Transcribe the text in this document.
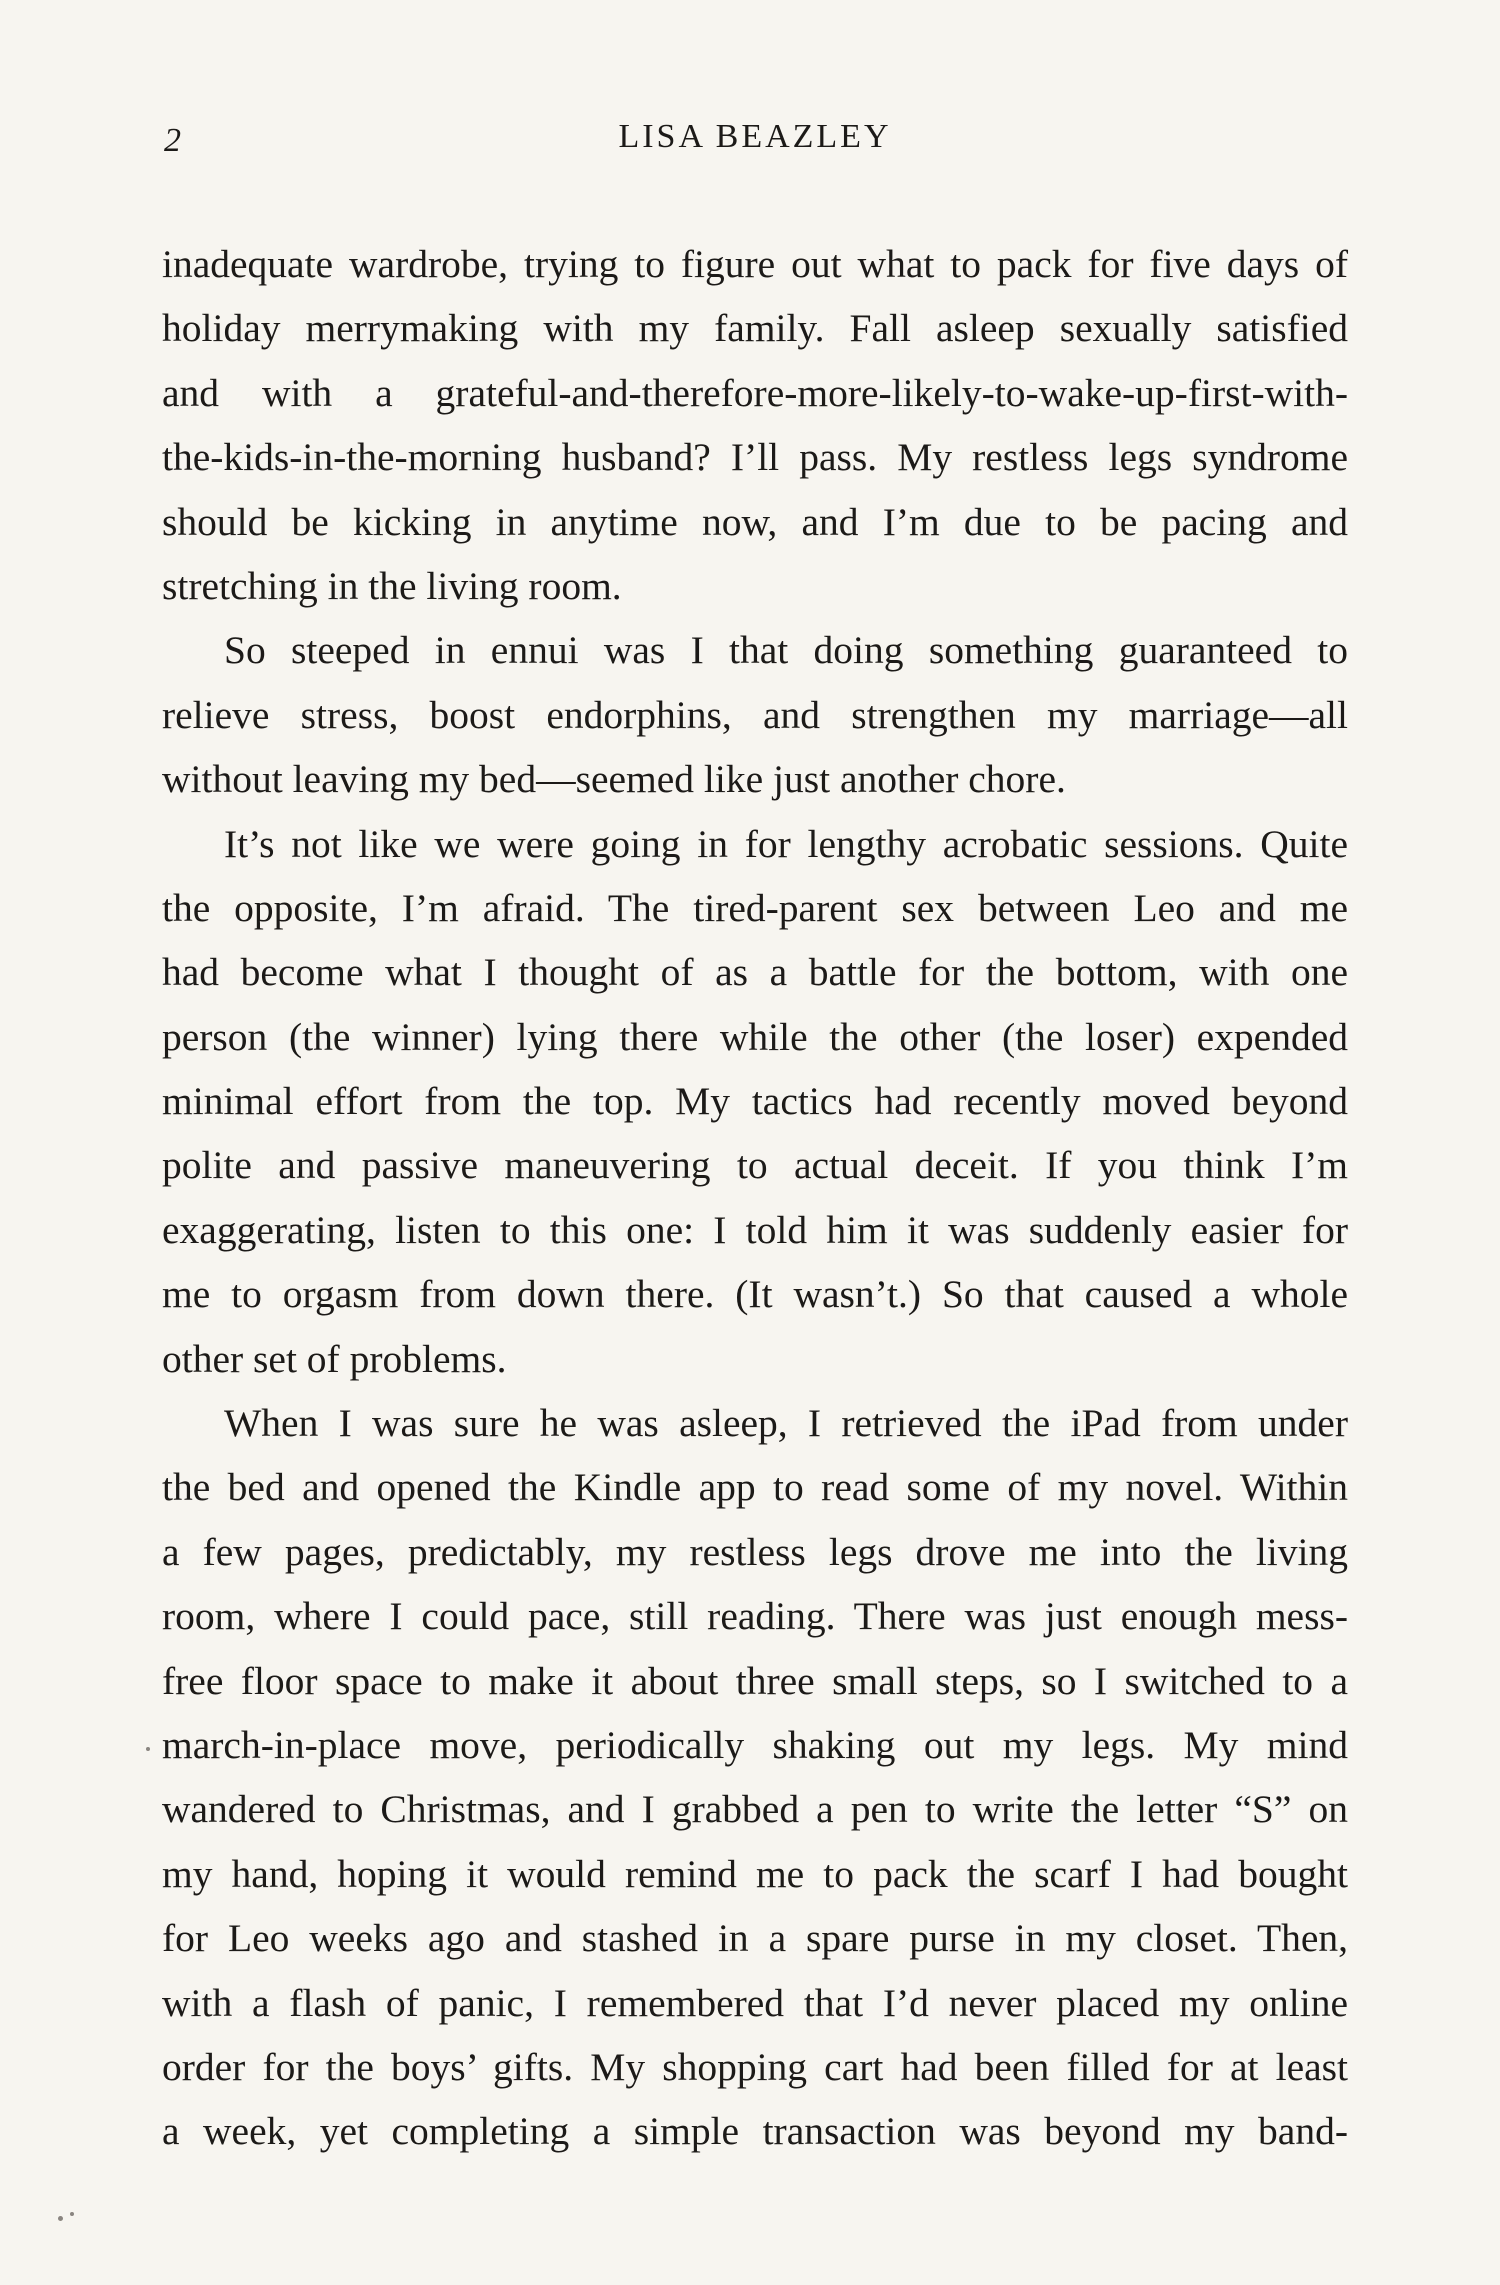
2	LISA BEAZLEY
inadequate wardrobe, trying to figure out what to pack for five days of
holiday merrymaking with my family. Fall asleep sexually satisfied
and with a grateful-and-therefore-more-likely-to-wake-up-first-with-
the-kids-in-the-morning husband? I’ll pass. My restless legs syndrome
should be kicking in anytime now, and I’m due to be pacing and
stretching in the living room.
So steeped in ennui was I that doing something guaranteed to
relieve stress, boost endorphins, and strengthen my marriage—all
without leaving my bed—seemed like just another chore.
It’s not like we were going in for lengthy acrobatic sessions. Quite
the opposite, I’m afraid. The tired-parent sex between Leo and me
had become what I thought of as a battle for the bottom, with one
person (the winner) lying there while the other (the loser) expended
minimal effort from the top. My tactics had recently moved beyond
polite and passive maneuvering to actual deceit. If you think I’m
exaggerating, listen to this one: I told him it was suddenly easier for
me to orgasm from down there. (It wasn’t.) So that caused a whole
other set of problems.
When I was sure he was asleep, I retrieved the iPad from under
the bed and opened the Kindle app to read some of my novel. Within
a few pages, predictably, my restless legs drove me into the living
room, where I could pace, still reading. There was just enough mess-
free floor space to make it about three small steps, so I switched to a
march-in-place move, periodically shaking out my legs. My mind
wandered to Christmas, and I grabbed a pen to write the letter “S” on
my hand, hoping it would remind me to pack the scarf I had bought
for Leo weeks ago and stashed in a spare purse in my closet. Then,
with a flash of panic, I remembered that I’d never placed my online
order for the boys’ gifts. My shopping cart had been filled for at least
a week, yet completing a simple transaction was beyond my band-
